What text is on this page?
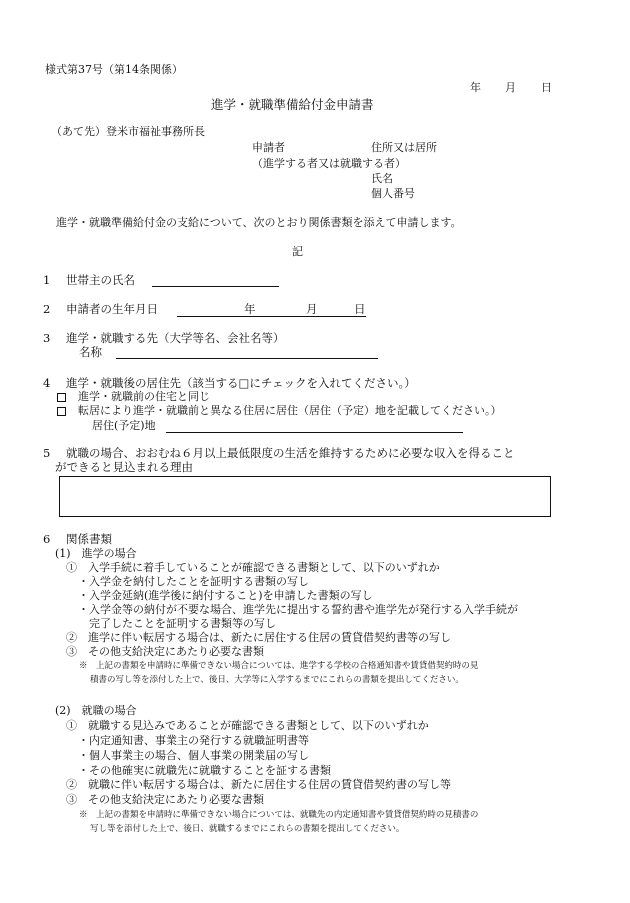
様式第37号（第14条関係）
年 月 日
進学・就職準備給付金申請書
（あて先）登米市福祉事務所長
申請者	住所又は居所
（進学する者又は就職する者）
氏名
個人番号
進学・就職準備給付金の支給について、次のとおり関係書類を添えて申請します。
記
1 世帯主の氏名
2 申請者の生年月日	年	月	日
3 進学・就職する先（大学等名、会社名等）
名称
4 進学・就職後の居住先（該当する□にチェックを入れてください。）
進学・就職前の住宅と同じ
転居により進学・就職前と異なる住居に居住（居住（予定）地を記載してください。）
居住(予定)地
5 就職の場合、おおむね６月以上最低限度の生活を維持するために必要な収入を得ること
ができると見込まれる理由
6 関係書類
(1)　進学の場合
①　入学手続に着手していることが確認できる書類として、以下のいずれか
・入学金を納付したことを証明する書類の写し
・入学金延納(進学後に納付すること)を申請した書類の写し
・入学金等の納付が不要な場合、進学先に提出する誓約書や進学先が発行する入学手続が
完了したことを証明する書類等の写し
②　進学に伴い転居する場合は、新たに居住する住居の賃貸借契約書等の写し
③　その他支給決定にあたり必要な書類
※　上記の書類を申請時に準備できない場合については、進学する学校の合格通知書や賃貸借契約時の見
積書の写し等を添付した上で、後日、大学等に入学するまでにこれらの書類を提出してください。
(2)　就職の場合
①　就職する見込みであることが確認できる書類として、以下のいずれか
・内定通知書、事業主の発行する就職証明書等
・個人事業主の場合、個人事業の開業届の写し
・その他確実に就職先に就職することを証する書類
②　就職に伴い転居する場合は、新たに居住する住居の賃貸借契約書の写し等
③　その他支給決定にあたり必要な書類
※　上記の書類を申請時に準備できない場合については、就職先の内定通知書や賃貸借契約時の見積書の
写し等を添付した上で、後日、就職するまでにこれらの書類を提出してください。
